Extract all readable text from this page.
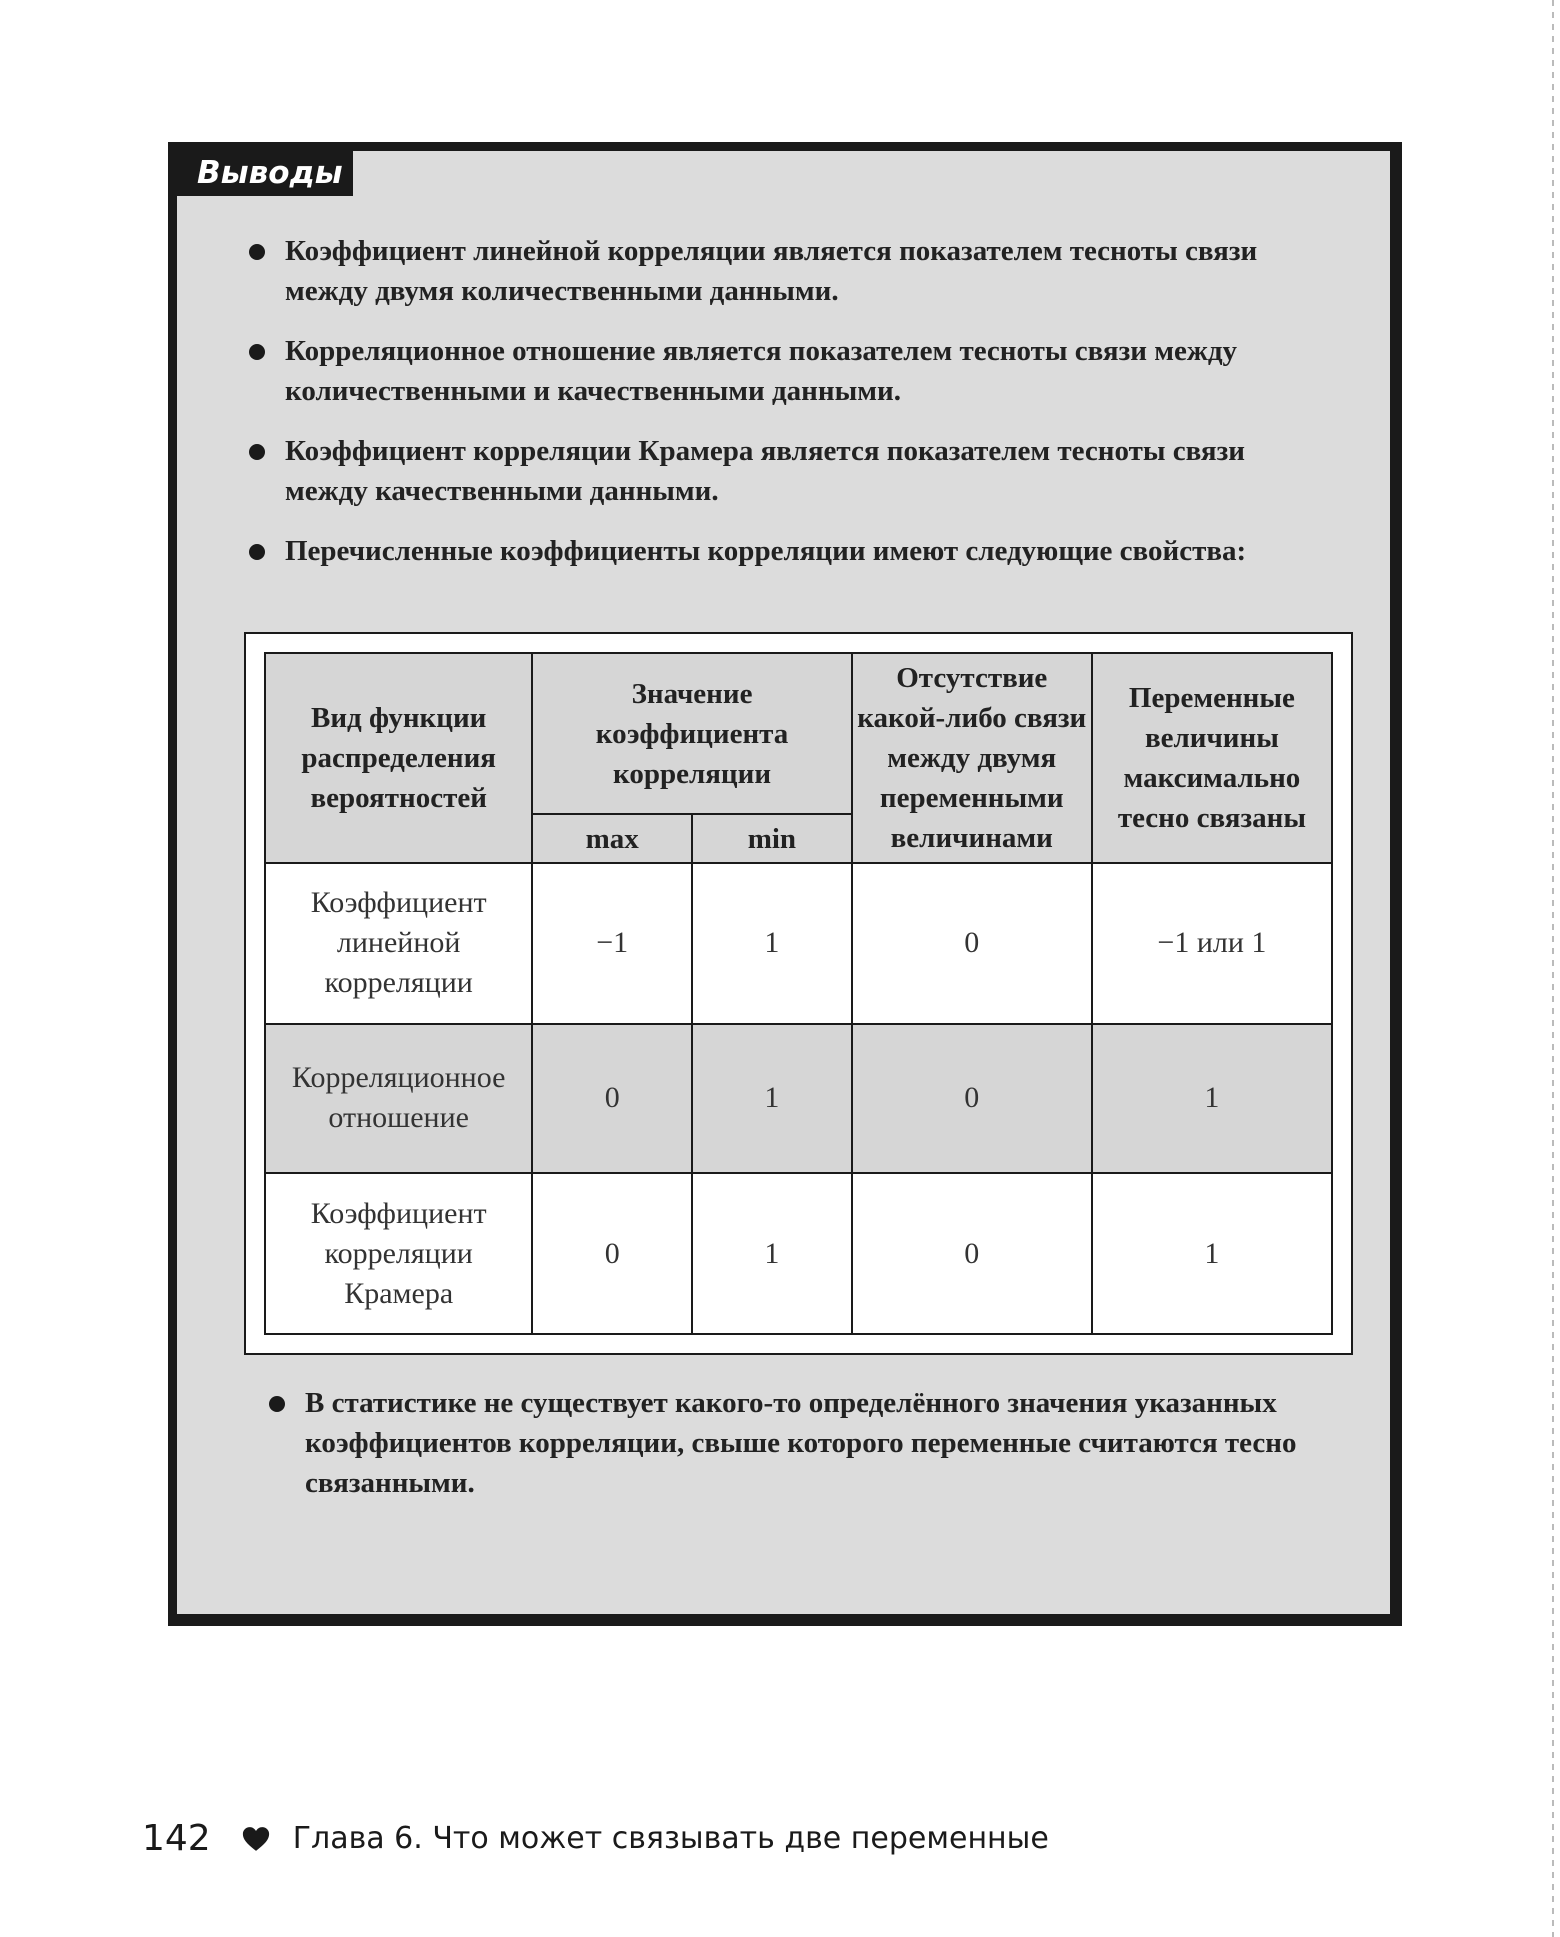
Выводы
Коэффициент линейной корреляции является показателем тесноты связи между двумя количественными данными.
Корреляционное отношение является показателем тесноты связи между количественными и качественными данными.
Коэффициент корреляции Крамера является показателем тесноты связи между качественными данными.
Перечисленные коэффициенты корреляции имеют следующие свойства:
Вид функции распределения вероятностей	Значение коэффициента корреляции		Отсутствие какой-либо связи между двумя переменными величинами	Переменные величины максимально тесно связаны
	max	min		
Коэффициент линейной корреляции	−1	1	0	−1 или 1
Корреляционное отношение	0	1	0	1
Коэффициент корреляции Крамера	0	1	0	1
В статистике не существует какого-то определённого значения указанных коэффициентов корреляции, свыше которого переменные считаются тесно связанными.
142	Глава 6. Что может связывать две переменные
